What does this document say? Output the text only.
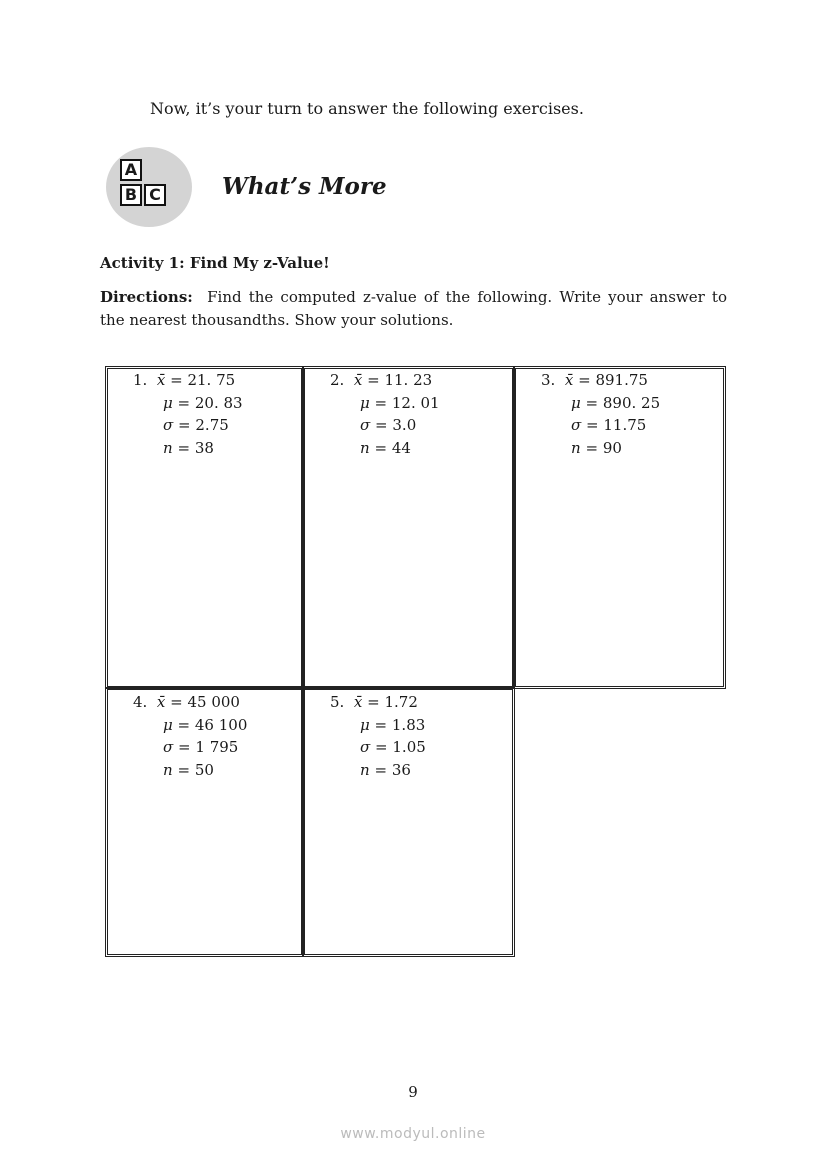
Now, it’s your turn to answer the following exercises.
A
B C	What’s More
Activity 1: Find My z-Value!
Directions: Find the computed z-value of the following. Write your answer to the nearest thousandths. Show your solutions.
1. x̄ = 21. 75
μ = 20. 83
σ = 2.75
n = 38
2. x̄ = 11. 23
μ = 12. 01
σ = 3.0
n = 44
3. x̄ = 891.75
μ = 890. 25
σ = 11.75
n = 90
4. x̄ = 45 000
μ = 46 100
σ = 1 795
n = 50
5. x̄ = 1.72
μ = 1.83
σ = 1.05
n = 36
9
www.modyul.online
